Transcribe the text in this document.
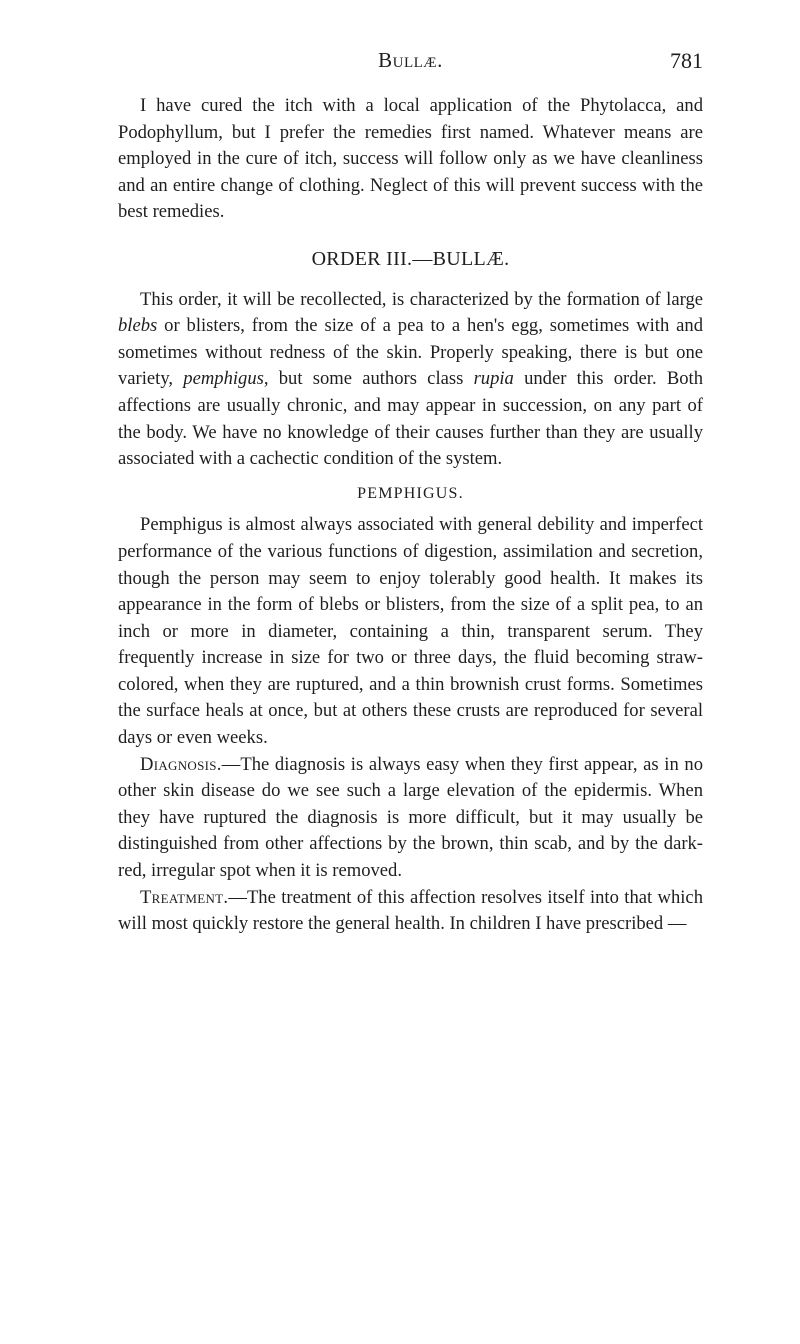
Bullæ.	781

I have cured the itch with a local application of the Phytolacca, and Podophyllum, but I prefer the remedies first named. Whatever means are employed in the cure of itch, success will follow only as we have cleanliness and an entire change of clothing. Neglect of this will prevent success with the best remedies.

ORDER III.—BULLÆ.

This order, it will be recollected, is characterized by the formation of large blebs or blisters, from the size of a pea to a hen's egg, sometimes with and sometimes without redness of the skin. Properly speaking, there is but one variety, pemphigus, but some authors class rupia under this order. Both affections are usually chronic, and may appear in succession, on any part of the body. We have no knowledge of their causes further than they are usually associated with a cachectic condition of the system.

PEMPHIGUS.

Pemphigus is almost always associated with general debility and imperfect performance of the various functions of digestion, assimilation and secretion, though the person may seem to enjoy tolerably good health. It makes its appearance in the form of blebs or blisters, from the size of a split pea, to an inch or more in diameter, containing a thin, transparent serum. They frequently increase in size for two or three days, the fluid becoming straw-colored, when they are ruptured, and a thin brownish crust forms. Sometimes the surface heals at once, but at others these crusts are reproduced for several days or even weeks.

Diagnosis.—The diagnosis is always easy when they first appear, as in no other skin disease do we see such a large elevation of the epidermis. When they have ruptured the diagnosis is more difficult, but it may usually be distinguished from other affections by the brown, thin scab, and by the dark-red, irregular spot when it is removed.

Treatment.—The treatment of this affection resolves itself into that which will most quickly restore the general health. In children I have prescribed —
